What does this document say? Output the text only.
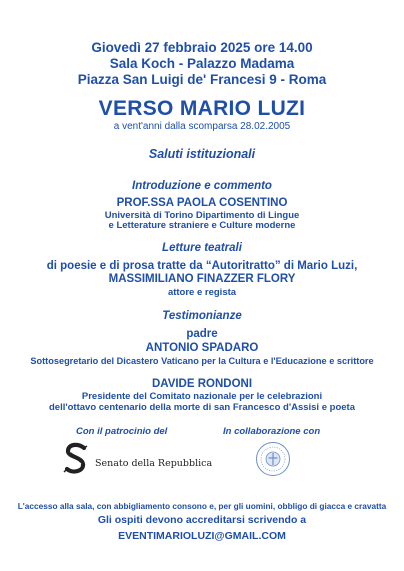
Giovedì 27 febbraio 2025 ore 14.00
Sala Koch - Palazzo Madama
Piazza San Luigi de' Francesi 9 - Roma
VERSO MARIO LUZI
a vent'anni dalla scomparsa 28.02.2005
Saluti istituzionali
Introduzione e commento
PROF.SSA PAOLA COSENTINO
Università di Torino Dipartimento di Lingue
e Letterature straniere e Culture moderne
Letture teatrali
di poesie e di prosa tratte da “Autoritratto” di Mario Luzi,
MASSIMILIANO FINAZZER FLORY
attore e regista
Testimonianze
padre
ANTONIO SPADARO
Sottosegretario del Dicastero Vaticano per la Cultura e l'Educazione e scrittore
DAVIDE RONDONI
Presidente del Comitato nazionale per le celebrazioni
dell'ottavo centenario della morte di san Francesco d'Assisi e poeta
Con il patrocinio del	In collaborazione con
Senato della Repubblica
L'accesso alla sala, con abbigliamento consono e, per gli uomini, obbligo di giacca e cravatta
Gli ospiti devono accreditarsi scrivendo a
EVENTIMARIOLUZI@GMAIL.COM
